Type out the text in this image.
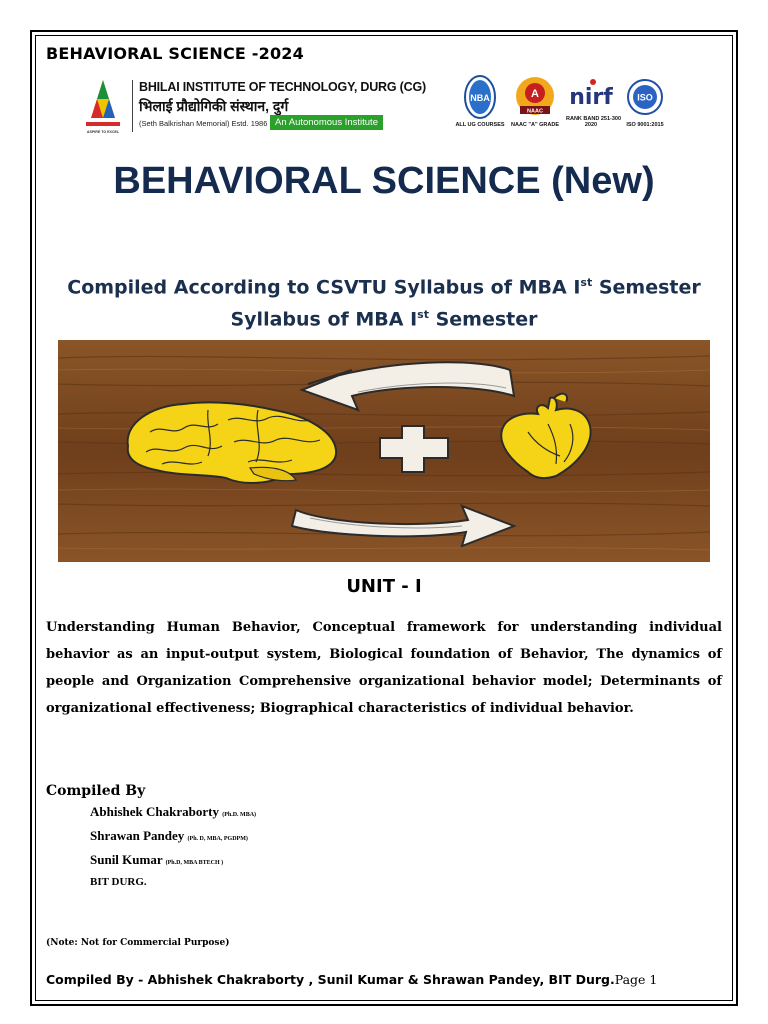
BEHAVIORAL SCIENCE -2024
ASPIRE TO EXCEL
BHILAI INSTITUTE OF TECHNOLOGY, DURG (CG)
भिलाई प्रौद्योगिकी संस्थान, दुर्ग
(Seth Balkrishan Memorial) Estd. 1986 An Autonomous Institute
NBA
ALL UG COURSES
A
NAAC
NAAC "A" GRADE
nirf
RANK BAND 251-300
2020
ISO
ISO 9001:2015
BEHAVIORAL SCIENCE (New)
Compiled According to CSVTU Syllabus of MBA Ist Semester
Syllabus of MBA Ist Semester
UNIT - I
Understanding Human Behavior, Conceptual framework for understanding individual behavior as an input-output system, Biological foundation of Behavior, The dynamics of people and Organization Comprehensive organizational behavior model; Determinants of organizational effectiveness; Biographical characteristics of individual behavior.
Compiled By
Abhishek Chakraborty (Ph.D. MBA)
Shrawan Pandey (Ph. D, MBA, PGDPM)
Sunil Kumar (Ph.D, MBA BTECH )
BIT DURG.
(Note: Not for Commercial Purpose)
Compiled By - Abhishek Chakraborty , Sunil Kumar & Shrawan Pandey, BIT Durg.Page 1
